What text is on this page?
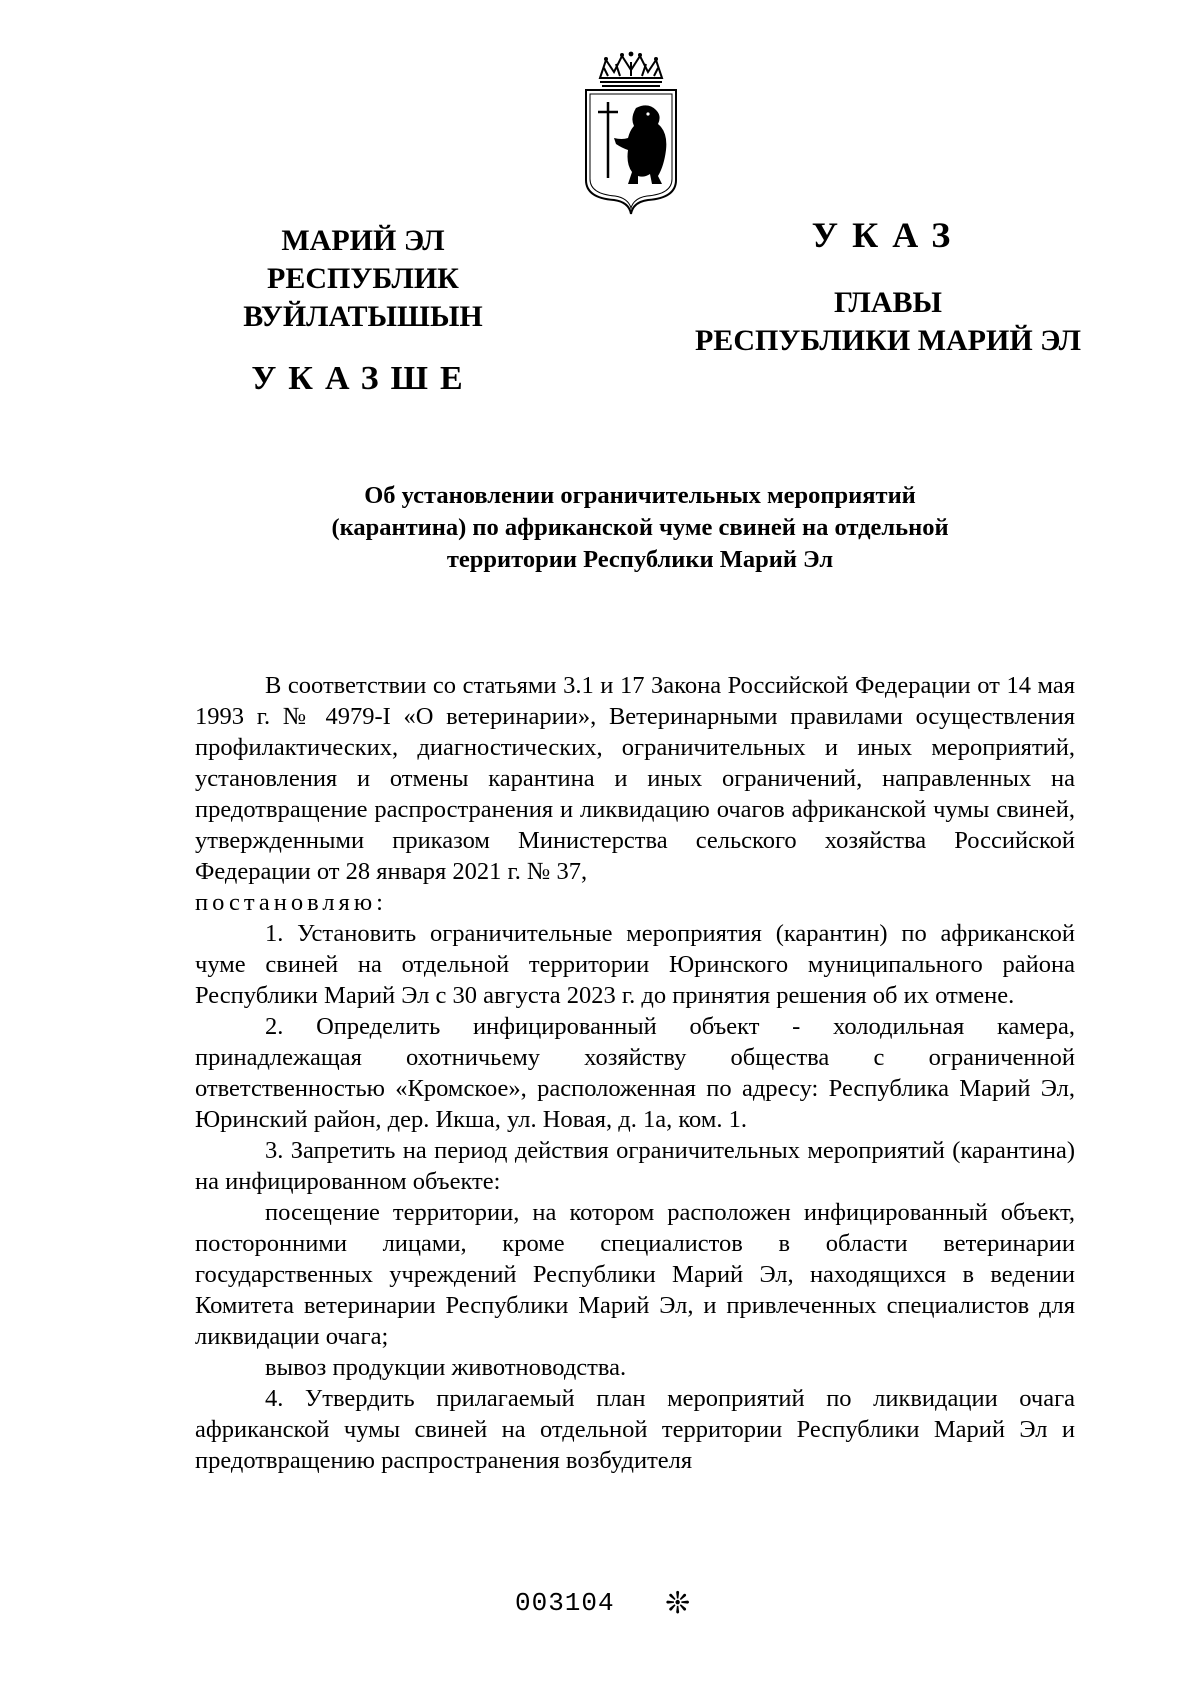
МАРИЙ ЭЛ РЕСПУБЛИК
ВУЙЛАТЫШЫН
УКАЗШЕ
УКАЗ
ГЛАВЫ
РЕСПУБЛИКИ МАРИЙ ЭЛ
Об установлении ограничительных мероприятий
(карантина) по африканской чуме свиней на отдельной
территории Республики Марий Эл

В соответствии со статьями 3.1 и 17 Закона Российской Федерации от 14 мая 1993 г. № 4979-I «О ветеринарии», Ветеринарными правилами осуществления профилактических, диагностических, ограничительных и иных мероприятий, установления и отмены карантина и иных ограничений, направленных на предотвращение распространения и ликвидацию очагов африканской чумы свиней, утвержденными приказом Министерства сельского хозяйства Российской Федерации от 28 января 2021 г. № 37,

постановляю:

1. Установить ограничительные мероприятия (карантин) по африканской чуме свиней на отдельной территории Юринского муниципального района Республики Марий Эл с 30 августа 2023 г. до принятия решения об их отмене.

2. Определить инфицированный объект - холодильная камера, принадлежащая охотничьему хозяйству общества с ограниченной ответственностью «Кромское», расположенная по адресу: Республика Марий Эл, Юринский район, дер. Икша, ул. Новая, д. 1а, ком. 1.

3. Запретить на период действия ограничительных мероприятий (карантина) на инфицированном объекте:

посещение территории, на котором расположен инфицированный объект, посторонними лицами, кроме специалистов в области ветеринарии государственных учреждений Республики Марий Эл, находящихся в ведении Комитета ветеринарии Республики Марий Эл, и привлеченных специалистов для ликвидации очага;

вывоз продукции животноводства.

4. Утвердить прилагаемый план мероприятий по ликвидации очага африканской чумы свиней на отдельной территории Республики Марий Эл и предотвращению распространения возбудителя

003104 ❊
